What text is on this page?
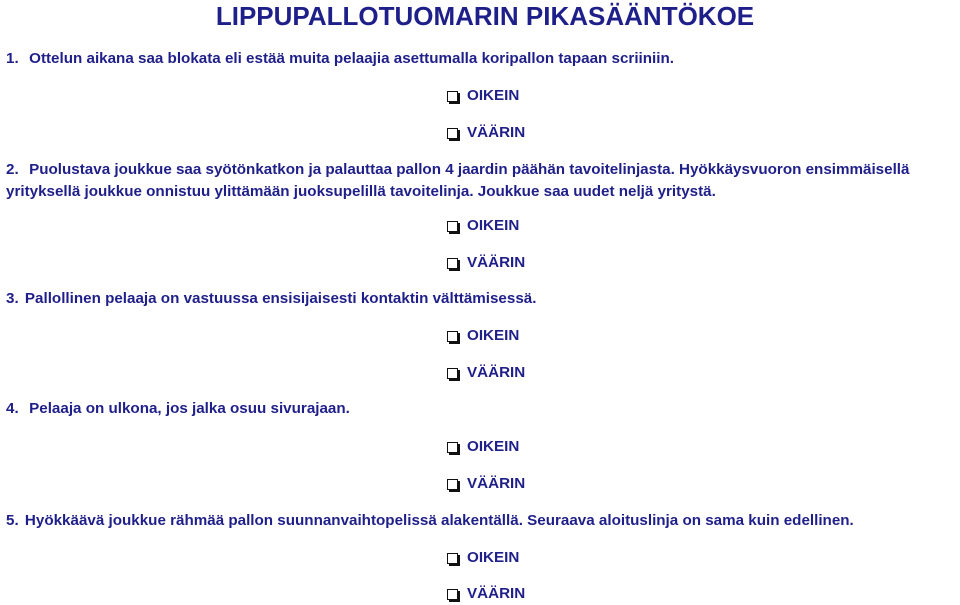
LIPPUPALLOTUOMARIN PIKASÄÄNTÖKOE
1. Ottelun aikana saa blokata eli estää muita pelaajia asettumalla koripallon tapaan scriiniin.
OIKEIN
VÄÄRIN
2. Puolustava joukkue saa syötönkatkon ja palauttaa pallon 4 jaardin päähän tavoitelinjasta. Hyökkäysvuoron ensimmäisellä yrityksellä joukkue onnistuu ylittämään juoksupelillä tavoitelinja. Joukkue saa uudet neljä yritystä.
OIKEIN
VÄÄRIN
3. Pallollinen pelaaja on vastuussa ensisijaisesti kontaktin välttämisessä.
OIKEIN
VÄÄRIN
4. Pelaaja on ulkona, jos jalka osuu sivurajaan.
OIKEIN
VÄÄRIN
5. Hyökkäävä joukkue rähmää pallon suunnanvaihtopelissä alakentällä. Seuraava aloituslinja on sama kuin edellinen.
OIKEIN
VÄÄRIN
